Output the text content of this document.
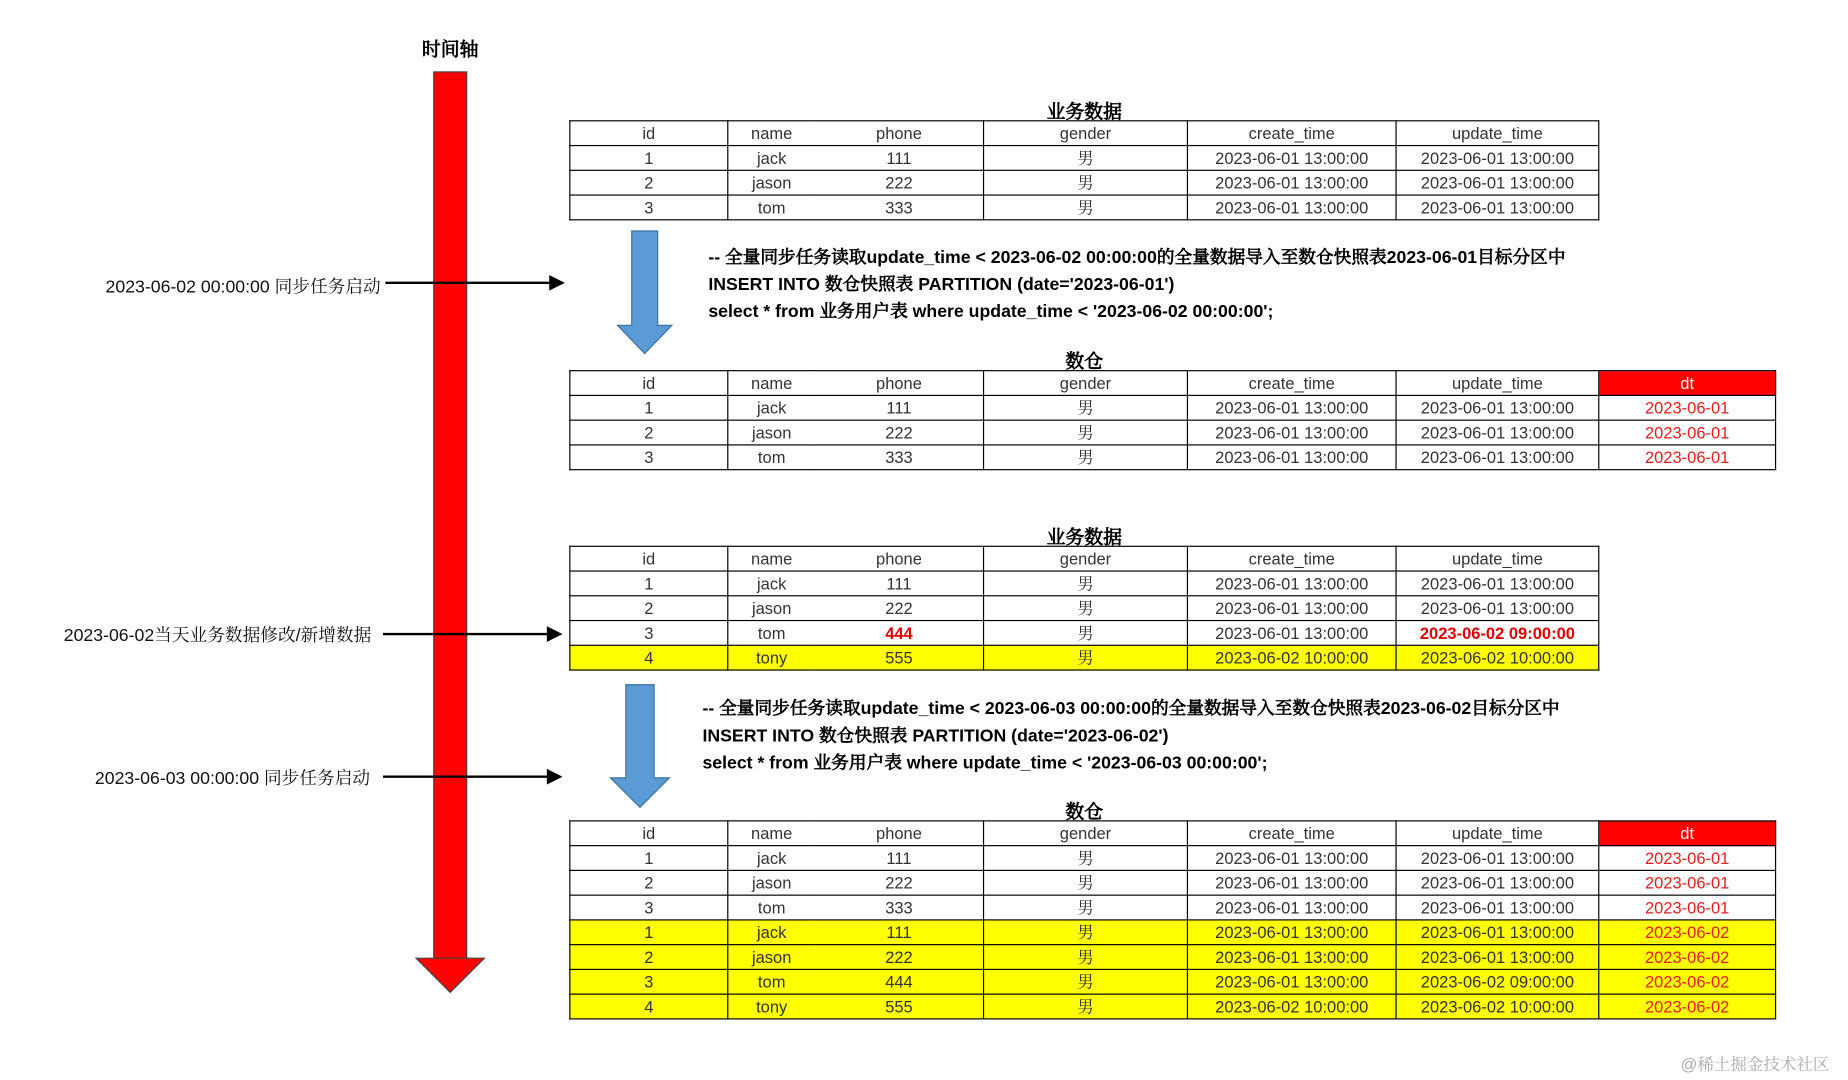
时间轴
2023-06-02 00:00:00 同步任务启动
2023-06-02当天业务数据修改/新增数据
2023-06-03 00:00:00 同步任务启动
-- 全量同步任务读取update_time < 2023-06-02 00:00:00的全量数据导入至数仓快照表2023-06-01目标分区中
INSERT INTO 数仓快照表 PARTITION (date='2023-06-01')
select * from 业务用户表 where update_time < '2023-06-02 00:00:00';
-- 全量同步任务读取update_time < 2023-06-03 00:00:00的全量数据导入至数仓快照表2023-06-02目标分区中
INSERT INTO 数仓快照表 PARTITION (date='2023-06-02')
select * from 业务用户表 where update_time < '2023-06-03 00:00:00';
业务数据
id	name	phone	gender	create_time	update_time
1	jack	111	男	2023-06-01 13:00:00	2023-06-01 13:00:00
2	jason	222	男	2023-06-01 13:00:00	2023-06-01 13:00:00
3	tom	333	男	2023-06-01 13:00:00	2023-06-01 13:00:00
数仓
id	name	phone	gender	create_time	update_time	dt
1	jack	111	男	2023-06-01 13:00:00	2023-06-01 13:00:00	2023-06-01
2	jason	222	男	2023-06-01 13:00:00	2023-06-01 13:00:00	2023-06-01
3	tom	333	男	2023-06-01 13:00:00	2023-06-01 13:00:00	2023-06-01
业务数据
id	name	phone	gender	create_time	update_time
1	jack	111	男	2023-06-01 13:00:00	2023-06-01 13:00:00
2	jason	222	男	2023-06-01 13:00:00	2023-06-01 13:00:00
3	tom	444	男	2023-06-01 13:00:00	2023-06-02 09:00:00
4	tony	555	男	2023-06-02 10:00:00	2023-06-02 10:00:00
数仓
id	name	phone	gender	create_time	update_time	dt
1	jack	111	男	2023-06-01 13:00:00	2023-06-01 13:00:00	2023-06-01
2	jason	222	男	2023-06-01 13:00:00	2023-06-01 13:00:00	2023-06-01
3	tom	333	男	2023-06-01 13:00:00	2023-06-01 13:00:00	2023-06-01
1	jack	111	男	2023-06-01 13:00:00	2023-06-01 13:00:00	2023-06-02
2	jason	222	男	2023-06-01 13:00:00	2023-06-01 13:00:00	2023-06-02
3	tom	444	男	2023-06-01 13:00:00	2023-06-02 09:00:00	2023-06-02
4	tony	555	男	2023-06-02 10:00:00	2023-06-02 10:00:00	2023-06-02
@稀土掘金技术社区
